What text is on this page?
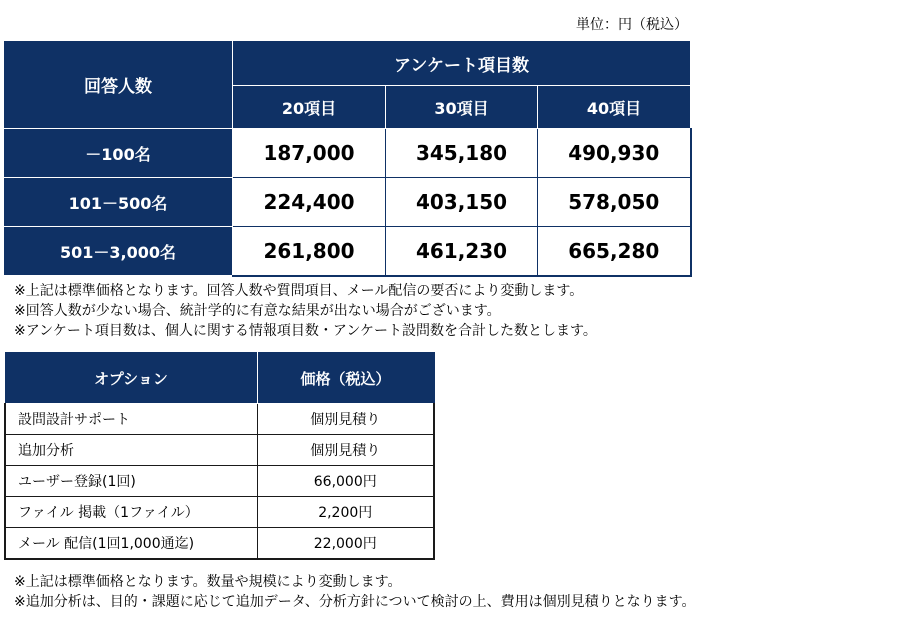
単位：円（税込）
回答人数	アンケート項目数		
	20項目	30項目	40項目
－100名	187,000	345,180	490,930
101－500名	224,400	403,150	578,050
501－3,000名	261,800	461,230	665,280
※上記は標準価格となります。回答人数や質問項目、メール配信の要否により変動します。
※回答人数が少ない場合、統計学的に有意な結果が出ない場合がございます。
※アンケート項目数は、個人に関する情報項目数・アンケート設問数を合計した数とします。
オプション	価格（税込）
設問設計サポート	個別見積り
追加分析	個別見積り
ユーザー登録(1回)	66,000円
ファイル 掲載（1ファイル）	2,200円
メール 配信(1回1,000通迄)	22,000円
※上記は標準価格となります。数量や規模により変動します。
※追加分析は、目的・課題に応じて追加データ、分析方針について検討の上、費用は個別見積りとなります。
